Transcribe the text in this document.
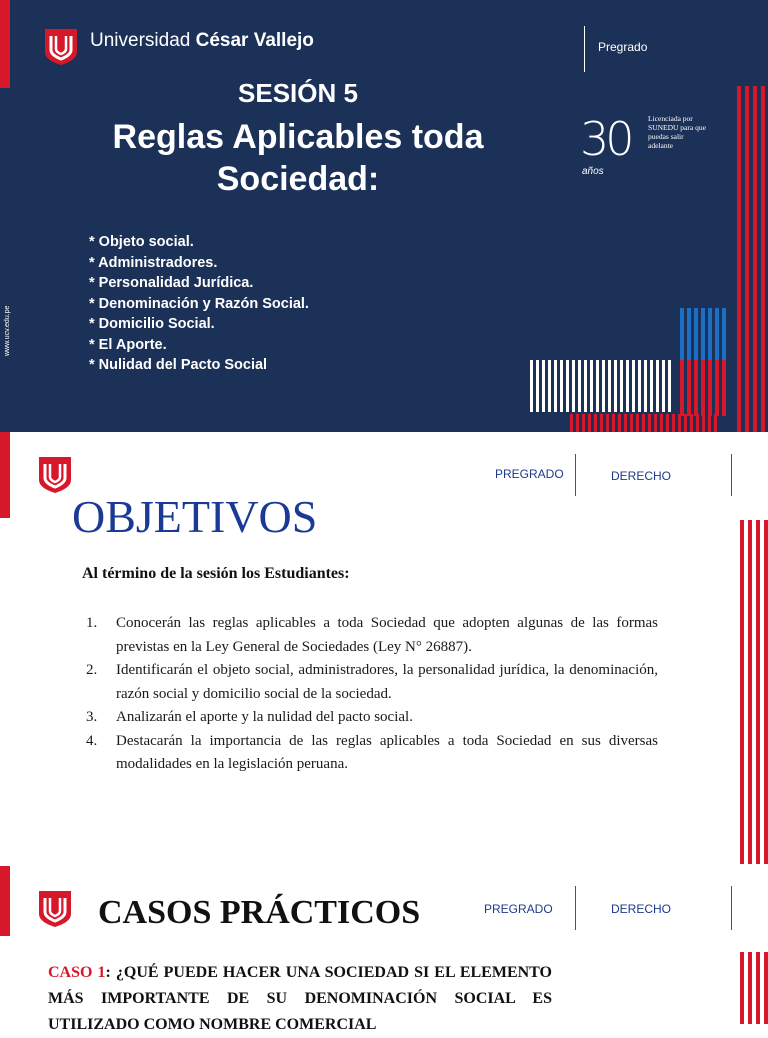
Universidad César Vallejo	Pregrado
SESIÓN 5
Reglas Aplicables toda Sociedad:
* Objeto social.
* Administradores.
* Personalidad Jurídica.
* Denominación y Razón Social.
* Domicilio Social.
* El Aporte.
* Nulidad del Pacto Social
www.ucv.edu.pe
30
años
Licenciada por SUNEDU para que puedas salir adelante
PREGRADO	DERECHO
OBJETIVOS
Al término de la sesión los Estudiantes:
1. Conocerán las reglas aplicables a toda Sociedad que adopten algunas de las formas previstas en la Ley General de Sociedades (Ley N° 26887).
2. Identificarán el objeto social, administradores, la personalidad jurídica, la denominación, razón social y domicilio social de la sociedad.
3. Analizarán el aporte y la nulidad del pacto social.
4. Destacarán la importancia de las reglas aplicables a toda Sociedad en sus diversas modalidades en la legislación peruana.
CASOS PRÁCTICOS	PREGRADO	DERECHO
CASO 1: ¿QUÉ PUEDE HACER UNA SOCIEDAD SI EL ELEMENTO MÁS IMPORTANTE DE SU DENOMINACIÓN SOCIAL ES UTILIZADO COMO NOMBRE COMERCIAL
